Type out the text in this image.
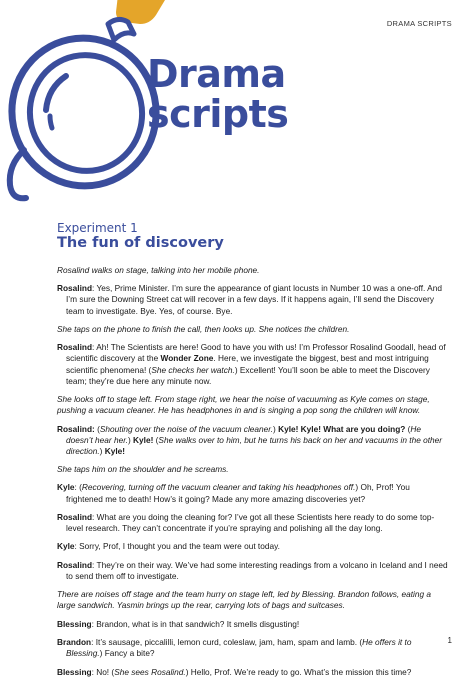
DRAMA SCRIPTS
Drama
scripts
Experiment 1
The fun of discovery
Rosalind walks on stage, talking into her mobile phone.
Rosalind: Yes, Prime Minister. I’m sure the appearance of giant locusts in Number 10 was a one-off. And I’m sure the Downing Street cat will recover in a few days. If it happens again, I’ll send the Discovery team to investigate. Bye. Yes, of course. Bye.
She taps on the phone to finish the call, then looks up. She notices the children.
Rosalind: Ah! The Scientists are here! Good to have you with us! I’m Professor Rosalind Goodall, head of scientific discovery at the Wonder Zone. Here, we investigate the biggest, best and most intriguing scientific phenomena! (She checks her watch.) Excellent! You’ll soon be able to meet the Discovery team; they’re due here any minute now.
She looks off to stage left. From stage right, we hear the noise of vacuuming as Kyle comes on stage, pushing a vacuum cleaner. He has headphones in and is singing a pop song the children will know.
Rosalind: (Shouting over the noise of the vacuum cleaner.) Kyle! Kyle! What are you doing? (He doesn’t hear her.) Kyle! (She walks over to him, but he turns his back on her and vacuums in the other direction.) Kyle!
She taps him on the shoulder and he screams.
Kyle: (Recovering, turning off the vacuum cleaner and taking his headphones off.) Oh, Prof! You frightened me to death! How’s it going? Made any more amazing discoveries yet?
Rosalind: What are you doing the cleaning for? I’ve got all these Scientists here ready to do some top-level research. They can’t concentrate if you’re spraying and polishing all the day long.
Kyle: Sorry, Prof, I thought you and the team were out today.
Rosalind: They’re on their way. We’ve had some interesting readings from a volcano in Iceland and I need to send them off to investigate.
There are noises off stage and the team hurry on stage left, led by Blessing. Brandon follows, eating a large sandwich. Yasmin brings up the rear, carrying lots of bags and suitcases.
Blessing: Brandon, what is in that sandwich? It smells disgusting!
Brandon: It’s sausage, piccalilli, lemon curd, coleslaw, jam, ham, spam and lamb. (He offers it to Blessing.) Fancy a bite?
Blessing: No! (She sees Rosalind.) Hello, Prof. We’re ready to go. What’s the mission this time?
1
